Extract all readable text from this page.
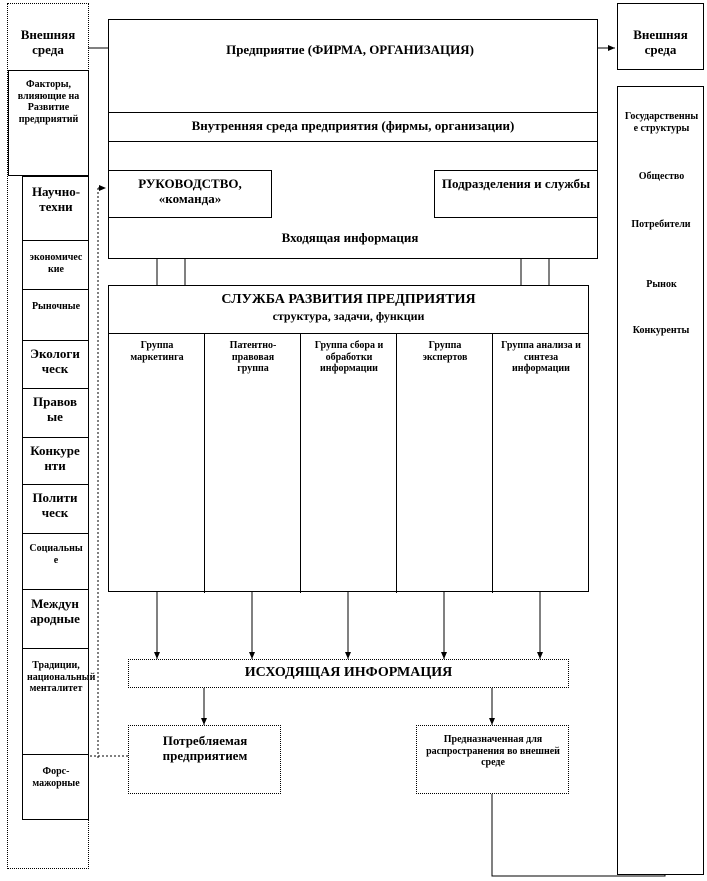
Внешняя среда
Факторы, влияющие на Развитие предприятий
Научно-техни
экономические
Рыночные
Экологическ
Правовые
Конкуренти
Политическ
Социальные
Международные
Традиции, национальный менталитет
Форс-мажорные
Предприятие (ФИРМА, ОРГАНИЗАЦИЯ)
Внутренняя среда предприятия (фирмы, организации)
РУКОВОДСТВО, «команда»
Подразделения и службы
Входящая информация
СЛУЖБА РАЗВИТИЯ ПРЕДПРИЯТИЯ
структура, задачи, функции
Группа маркетинга
Патентно-правовая группа
Группа сбора и обработки информации
Группа экспертов
Группа анализа и синтеза информации
ИСХОДЯЩАЯ ИНФОРМАЦИЯ
Потребляемая предприятием
Предназначенная для распространения во внешней среде
Внешняя среда
Государственные структуры
Общество
Потребители
Рынок
Конкуренты
